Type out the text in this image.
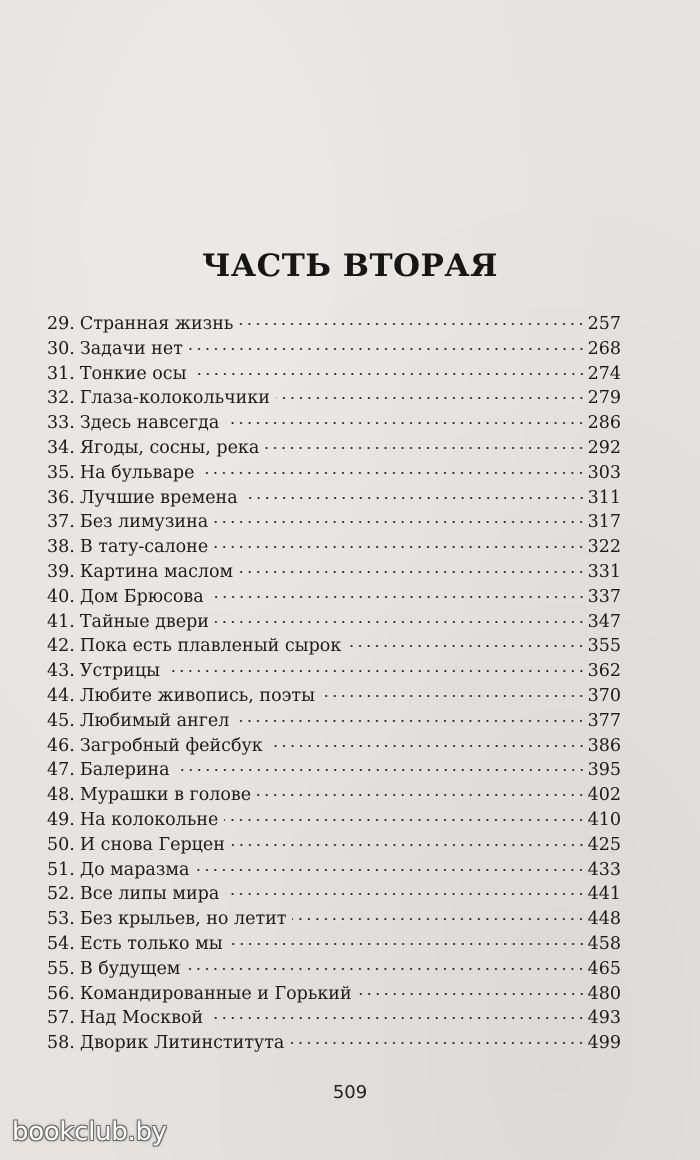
ЧАСТЬ ВТОРАЯ
29. Странная жизнь	257
30. Задачи нет	268
31. Тонкие осы	274
32. Глаза-колокольчики	279
33. Здесь навсегда	286
34. Ягоды, сосны, река	292
35. На бульваре	303
36. Лучшие времена	311
37. Без лимузина	317
38. В тату-салоне	322
39. Картина маслом	331
40. Дом Брюсова	337
41. Тайные двери	347
42. Пока есть плавленый сырок	355
43. Устрицы	362
44. Любите живопись, поэты	370
45. Любимый ангел	377
46. Загробный фейсбук	386
47. Балерина	395
48. Мурашки в голове	402
49. На колокольне	410
50. И снова Герцен	425
51. До маразма	433
52. Все липы мира	441
53. Без крыльев, но летит	448
54. Есть только мы	458
55. В будущем	465
56. Командированные и Горький	480
57. Над Москвой	493
58. Дворик Литинститута	499
509
bookclub.by
